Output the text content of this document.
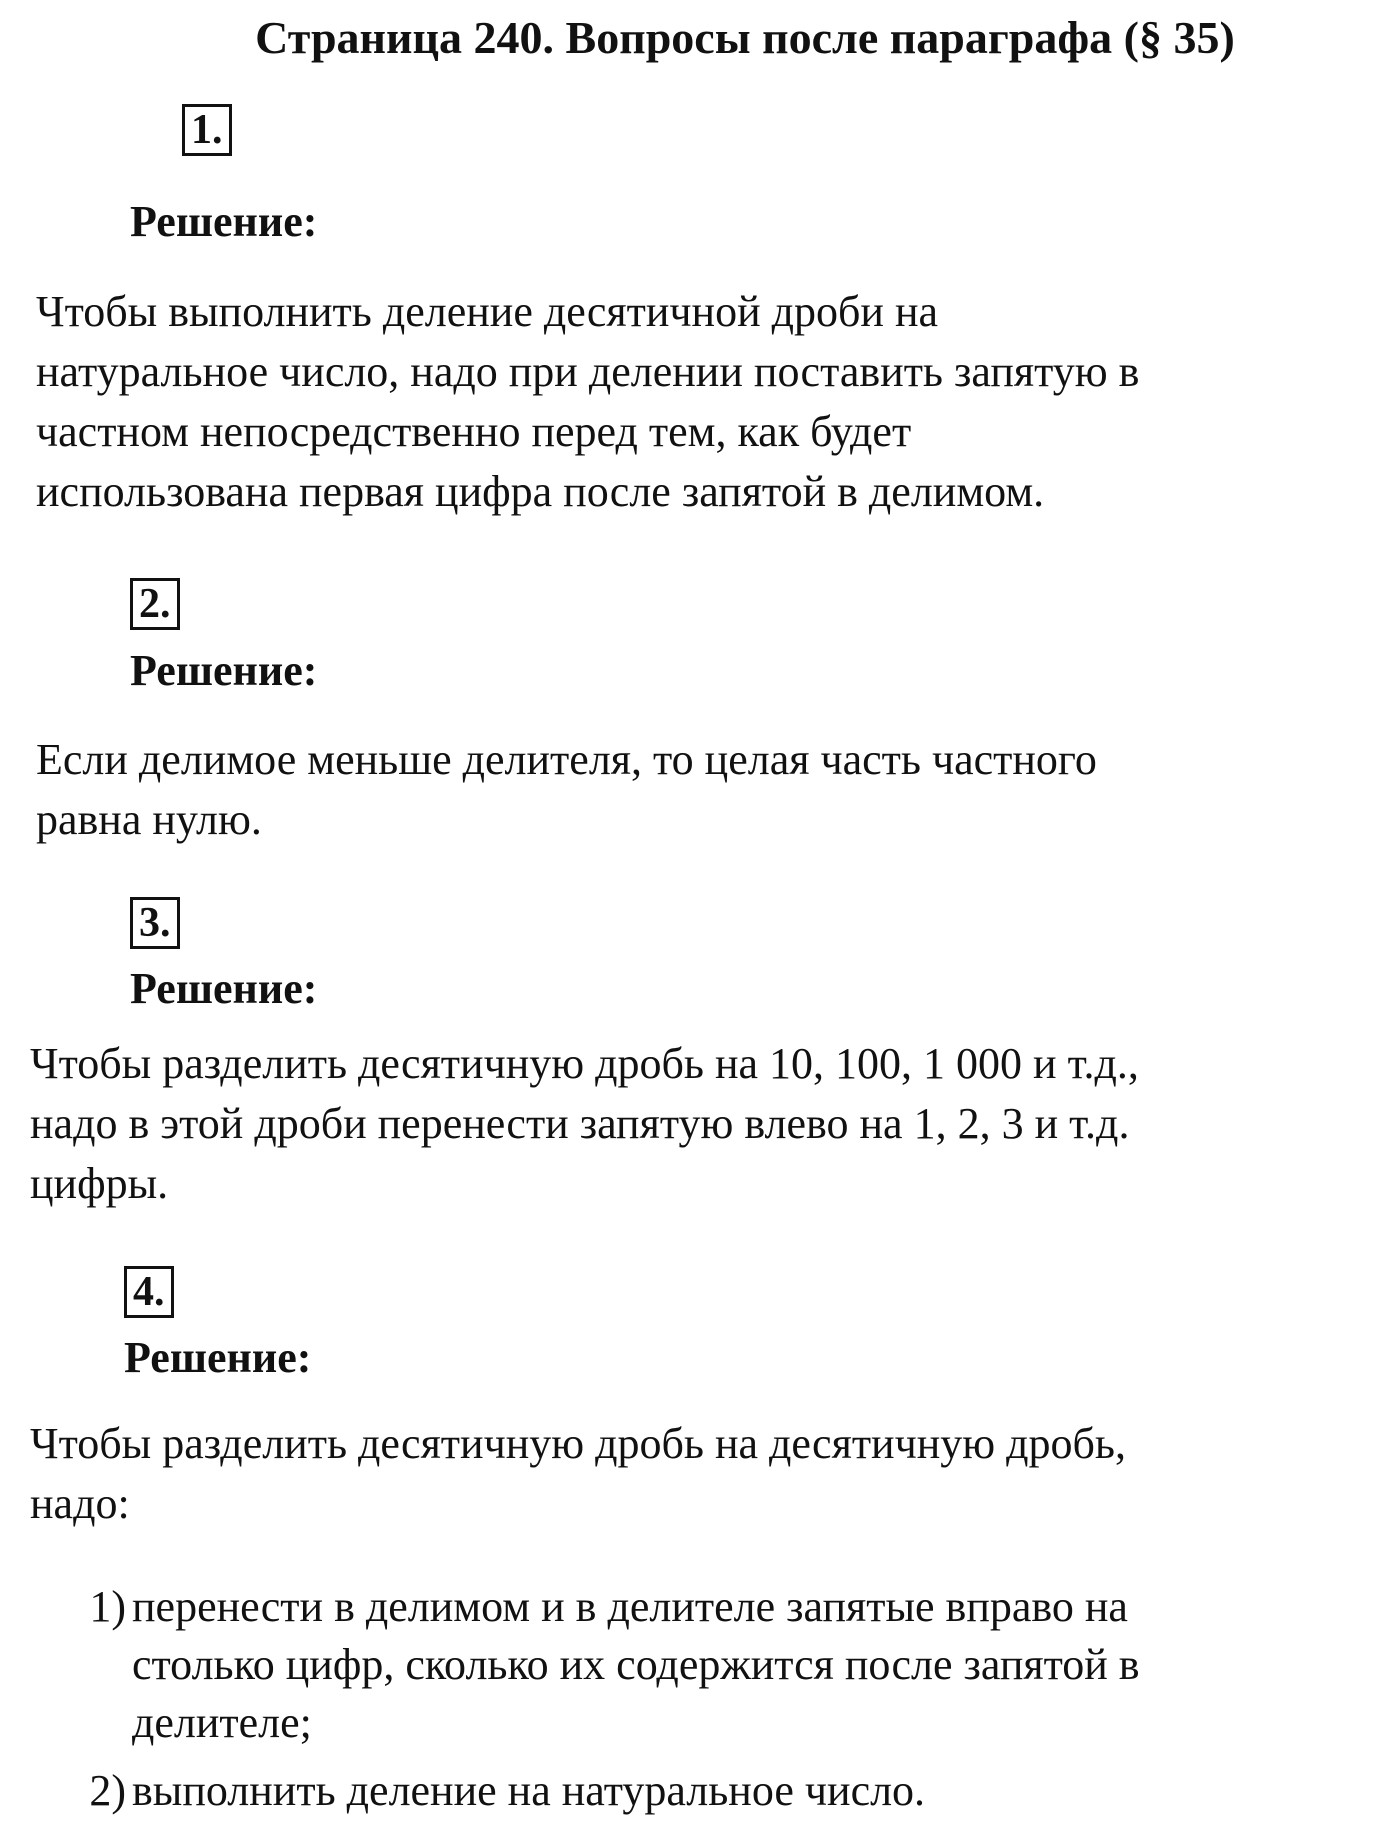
Страница 240. Вопросы после параграфа (§ 35)
1.
Решение:

Чтобы выполнить деление десятичной дроби на

натуральное число, надо при делении поставить запятую в

частном непосредственно перед тем, как будет

использована первая цифра после запятой в делимом.

2.
Решение:

Если делимое меньше делителя, то целая часть частного

равна нулю.

3.
Решение:

Чтобы разделить десятичную дробь на 10, 100, 1 000 и т.д.,

надо в этой дроби перенести запятую влево на 1, 2, 3 и т.д.

цифры.

4.
Решение:

Чтобы разделить десятичную дробь на десятичную дробь,

надо:

1) перенести в делимом и в делителе запятые вправо на

столько цифр, сколько их содержится после запятой в

делителе;

2) выполнить деление на натуральное число.
